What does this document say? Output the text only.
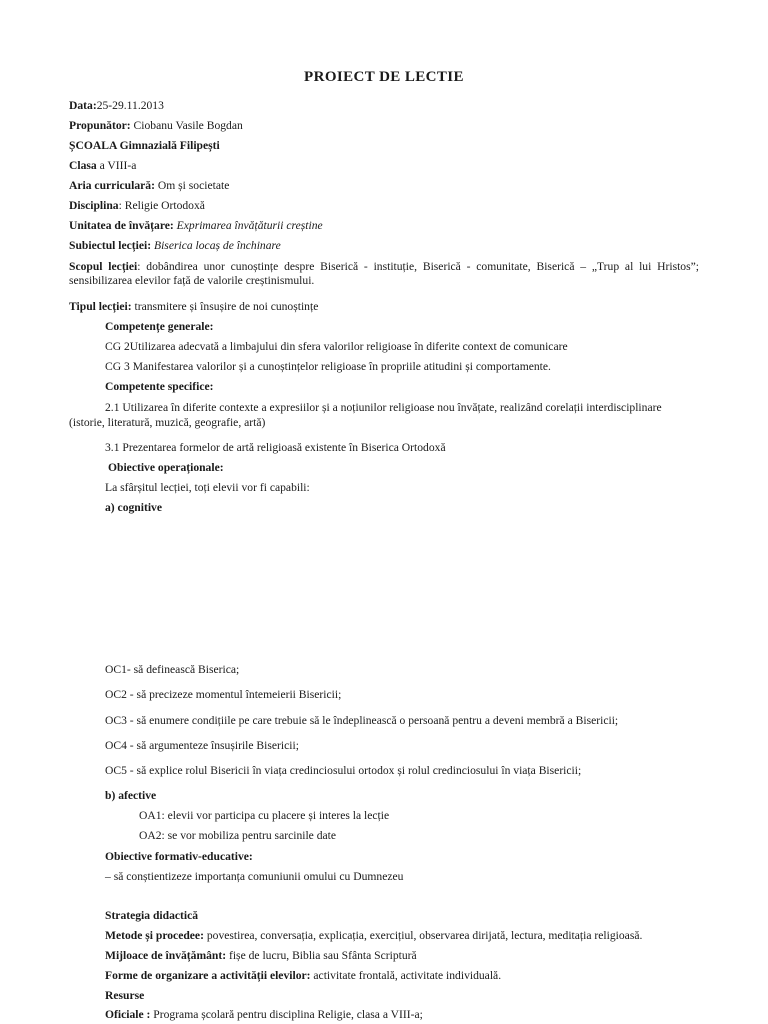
PROIECT DE LECTIE
Data:25-29.11.2013
Propunător: Ciobanu Vasile Bogdan
ȘCOALA Gimnazială Filipești
Clasa a VIII-a
Aria curriculară: Om și societate
Disciplina: Religie Ortodoxă
Unitatea de învățare: Exprimarea învățăturii creștine
Subiectul lecției: Biserica locaș de închinare
Scopul lecției: dobândirea unor cunoștințe despre Biserică - instituție, Biserică - comunitate, Biserică – „Trup al lui Hristos”; sensibilizarea elevilor față de valorile creștinismului.
Tipul lecției: transmitere și însușire de noi cunoștințe
Competențe generale:
CG 2Utilizarea adecvată a limbajului din sfera valorilor religioase în diferite context de comunicare
CG 3 Manifestarea valorilor și a cunoștințelor religioase în propriile atitudini și comportamente.
Competente specifice:
2.1 Utilizarea în diferite contexte a expresiilor și a noțiunilor religioase nou învățate, realizând corelații interdisciplinare
(istorie, literatură, muzică, geografie, artă)
3.1 Prezentarea formelor de artă religioasă existente în Biserica Ortodoxă
Obiective operaționale:
La sfârșitul lecției, toți elevii vor fi capabili:
a) cognitive
OC1- să definească Biserica;
OC2 - să precizeze momentul întemeierii Bisericii;
OC3 - să enumere condițiile pe care trebuie să le îndeplinească o persoană pentru a deveni membră a Bisericii;
OC4 - să argumenteze însușirile Bisericii;
OC5 - să explice rolul Bisericii în viața credinciosului ortodox și rolul credinciosului în viața Bisericii;
b) afective
OA1: elevii vor participa cu placere și interes la lecție
OA2: se vor mobiliza pentru sarcinile date
Obiective formativ-educative:
– să conștientizeze importanța comuniunii omului cu Dumnezeu
Strategia didactică
Metode și procedee: povestirea, conversația, explicația, exercițiul, observarea dirijată, lectura, meditația religioasă.
Mijloace de învățământ: fișe de lucru, Biblia sau Sfânta Scriptură
Forme de organizare a activității elevilor: activitate frontală, activitate individuală.
Resurse
Oficiale : Programa școlară pentru disciplina Religie, clasa a VIII-a;
